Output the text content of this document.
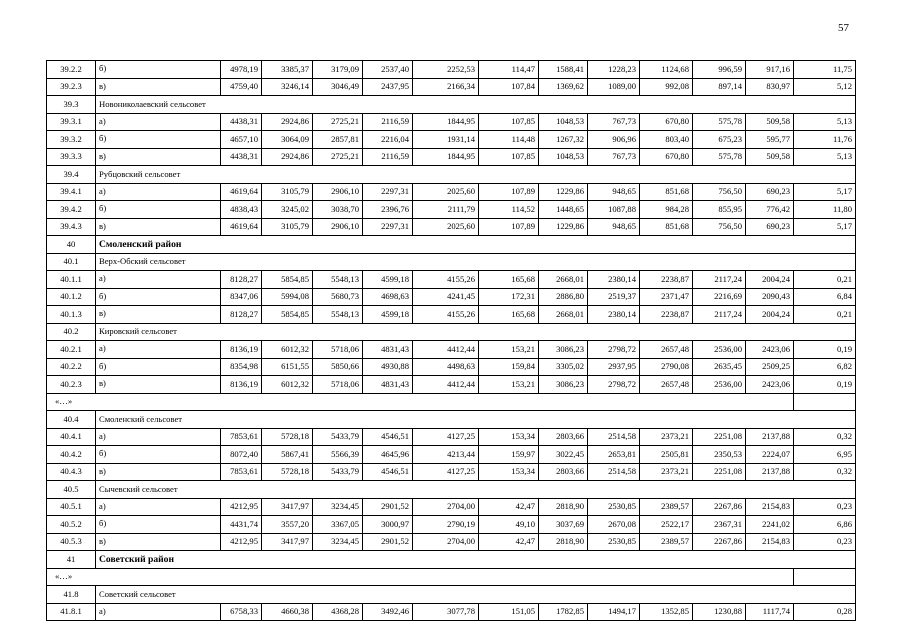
57
39.2.2	б)	4978,19	3385,37	3179,09	2537,40	2252,53	114,47	1588,41	1228,23	1124,68	996,59	917,16	11,75
39.2.3	в)	4759,40	3246,14	3046,49	2437,95	2166,34	107,84	1369,62	1089,00	992,08	897,14	830,97	5,12
39.3	Новониколаевский сельсовет												
39.3.1	а)	4438,31	2924,86	2725,21	2116,59	1844,95	107,85	1048,53	767,73	670,80	575,78	509,58	5,13
39.3.2	б)	4657,10	3064,09	2857,81	2216,04	1931,14	114,48	1267,32	906,96	803,40	675,23	595,77	11,76
39.3.3	в)	4438,31	2924,86	2725,21	2116,59	1844,95	107,85	1048,53	767,73	670,80	575,78	509,58	5,13
39.4	Рубцовский сельсовет												
39.4.1	а)	4619,64	3105,79	2906,10	2297,31	2025,60	107,89	1229,86	948,65	851,68	756,50	690,23	5,17
39.4.2	б)	4838,43	3245,02	3038,70	2396,76	2111,79	114,52	1448,65	1087,88	984,28	855,95	776,42	11,80
39.4.3	в)	4619,64	3105,79	2906,10	2297,31	2025,60	107,89	1229,86	948,65	851,68	756,50	690,23	5,17
40	Смоленский район												
40.1	Верх-Обский сельсовет												
40.1.1	а)	8128,27	5854,85	5548,13	4599,18	4155,26	165,68	2668,01	2380,14	2238,87	2117,24	2004,24	0,21
40.1.2	б)	8347,06	5994,08	5680,73	4698,63	4241,45	172,31	2886,80	2519,37	2371,47	2216,69	2090,43	6,84
40.1.3	в)	8128,27	5854,85	5548,13	4599,18	4155,26	165,68	2668,01	2380,14	2238,87	2117,24	2004,24	0,21
40.2	Кировский сельсовет												
40.2.1	а)	8136,19	6012,32	5718,06	4831,43	4412,44	153,21	3086,23	2798,72	2657,48	2536,00	2423,06	0,19
40.2.2	б)	8354,98	6151,55	5850,66	4930,88	4498,63	159,84	3305,02	2937,95	2790,08	2635,45	2509,25	6,82
40.2.3	в)	8136,19	6012,32	5718,06	4831,43	4412,44	153,21	3086,23	2798,72	2657,48	2536,00	2423,06	0,19
«…»													
40.4	Смоленский сельсовет												
40.4.1	а)	7853,61	5728,18	5433,79	4546,51	4127,25	153,34	2803,66	2514,58	2373,21	2251,08	2137,88	0,32
40.4.2	б)	8072,40	5867,41	5566,39	4645,96	4213,44	159,97	3022,45	2653,81	2505,81	2350,53	2224,07	6,95
40.4.3	в)	7853,61	5728,18	5433,79	4546,51	4127,25	153,34	2803,66	2514,58	2373,21	2251,08	2137,88	0,32
40.5	Сычевский сельсовет												
40.5.1	а)	4212,95	3417,97	3234,45	2901,52	2704,00	42,47	2818,90	2530,85	2389,57	2267,86	2154,83	0,23
40.5.2	б)	4431,74	3557,20	3367,05	3000,97	2790,19	49,10	3037,69	2670,08	2522,17	2367,31	2241,02	6,86
40.5.3	в)	4212,95	3417,97	3234,45	2901,52	2704,00	42,47	2818,90	2530,85	2389,57	2267,86	2154,83	0,23
41	Советский район												
«…»													
41.8	Советский сельсовет												
41.8.1	а)	6758,33	4660,38	4368,28	3492,46	3077,78	151,05	1782,85	1494,17	1352,85	1230,88	1117,74	0,28
